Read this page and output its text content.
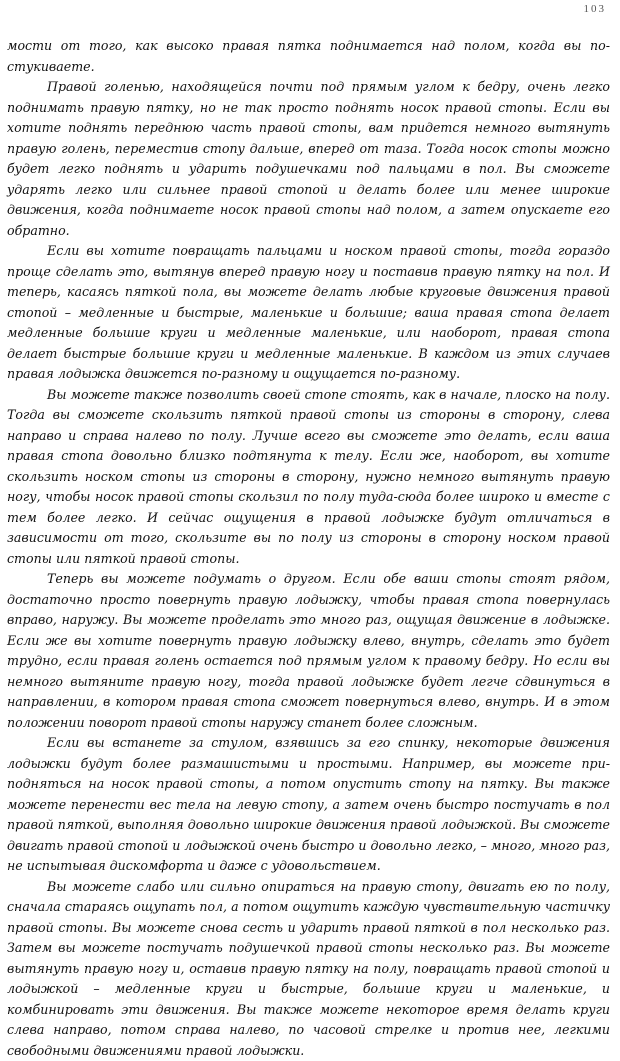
103

мости от того, как высоко правая пятка поднимается над полом, когда вы постукиваете.

Правой голенью, находящейся почти под прямым углом к бедру, очень легко поднимать правую пятку, но не так просто поднять носок правой стопы. Если вы хотите поднять переднюю часть правой стопы, вам придется немного вытянуть правую голень, переместив стопу дальше, вперед от таза. Тогда носок стопы можно будет легко поднять и ударить подушечками под пальцами в пол. Вы сможете ударять легко или сильнее правой стопой и делать более или менее широкие движения, когда поднимаете носок правой стопы над полом, а затем опускаете его обратно.

Если вы хотите повращать пальцами и носком правой стопы, тогда гораздо проще сделать это, вытянув вперед правую ногу и поставив правую пятку на пол. И теперь, касаясь пяткой пола, вы можете делать любые круговые движения правой стопой – медленные и быстрые, маленькие и большие; ваша правая стопа делает медленные большие круги и медленные маленькие, или наоборот, правая стопа делает быстрые большие круги и медленные маленькие. В каждом из этих случаев правая лодыжка движется по-разному и ощущается по-разному.

Вы можете также позволить своей стопе стоять, как в начале, плоско на полу. Тогда вы сможете скользить пяткой правой стопы из стороны в сторону, слева направо и справа налево по полу. Лучше всего вы сможете это делать, если ваша правая стопа довольно близко подтянута к телу. Если же, наоборот, вы хотите скользить носком стопы из стороны в сторону, нужно немного вытянуть правую ногу, чтобы носок правой стопы скользил по полу туда-сюда более широко и вместе с тем более легко. И сейчас ощущения в правой лодыжке будут отличаться в зависимости от того, скользите вы по полу из стороны в сторону носком правой стопы или пяткой правой стопы.

Теперь вы можете подумать о другом. Если обе ваши стопы стоят рядом, достаточно просто повернуть правую лодыжку, чтобы правая стопа повернулась вправо, наружу. Вы можете проделать это много раз, ощущая движение в лодыжке. Если же вы хотите повернуть правую лодыжку влево, внутрь, сделать это будет трудно, если правая голень остается под прямым углом к правому бедру. Но если вы немного вытяните правую ногу, тогда правой лодыжке будет легче сдвинуться в направлении, в котором правая стопа сможет повернуться влево, внутрь. И в этом положении поворот правой стопы наружу станет более сложным.

Если вы встанете за стулом, взявшись за его спинку, некоторые движения лодыжки будут более размашистыми и простыми. Например, вы можете приподняться на носок правой стопы, а потом опустить стопу на пятку. Вы также можете перенести вес тела на левую стопу, а затем очень быстро постучать в пол правой пяткой, выполняя довольно широкие движения правой лодыжкой. Вы сможете двигать правой стопой и лодыжкой очень быстро и довольно легко, – много, много раз, не испытывая дискомфорта и даже с удовольствием.

Вы можете слабо или сильно опираться на правую стопу, двигать ею по полу, сначала стараясь ощупать пол, а потом ощутить каждую чувствительную частичку правой стопы. Вы можете снова сесть и ударить правой пяткой в пол несколько раз. Затем вы можете постучать подушечкой правой стопы несколько раз. Вы можете вытянуть правую ногу и, оставив правую пятку на полу, повращать правой стопой и лодыжкой – медленные круги и быстрые, большие круги и маленькие, и комбинировать эти движения. Вы также можете некоторое время делать круги слева направо, потом справа налево, по часовой стрелке и против нее, легкими свободными движениями правой лодыжки.
